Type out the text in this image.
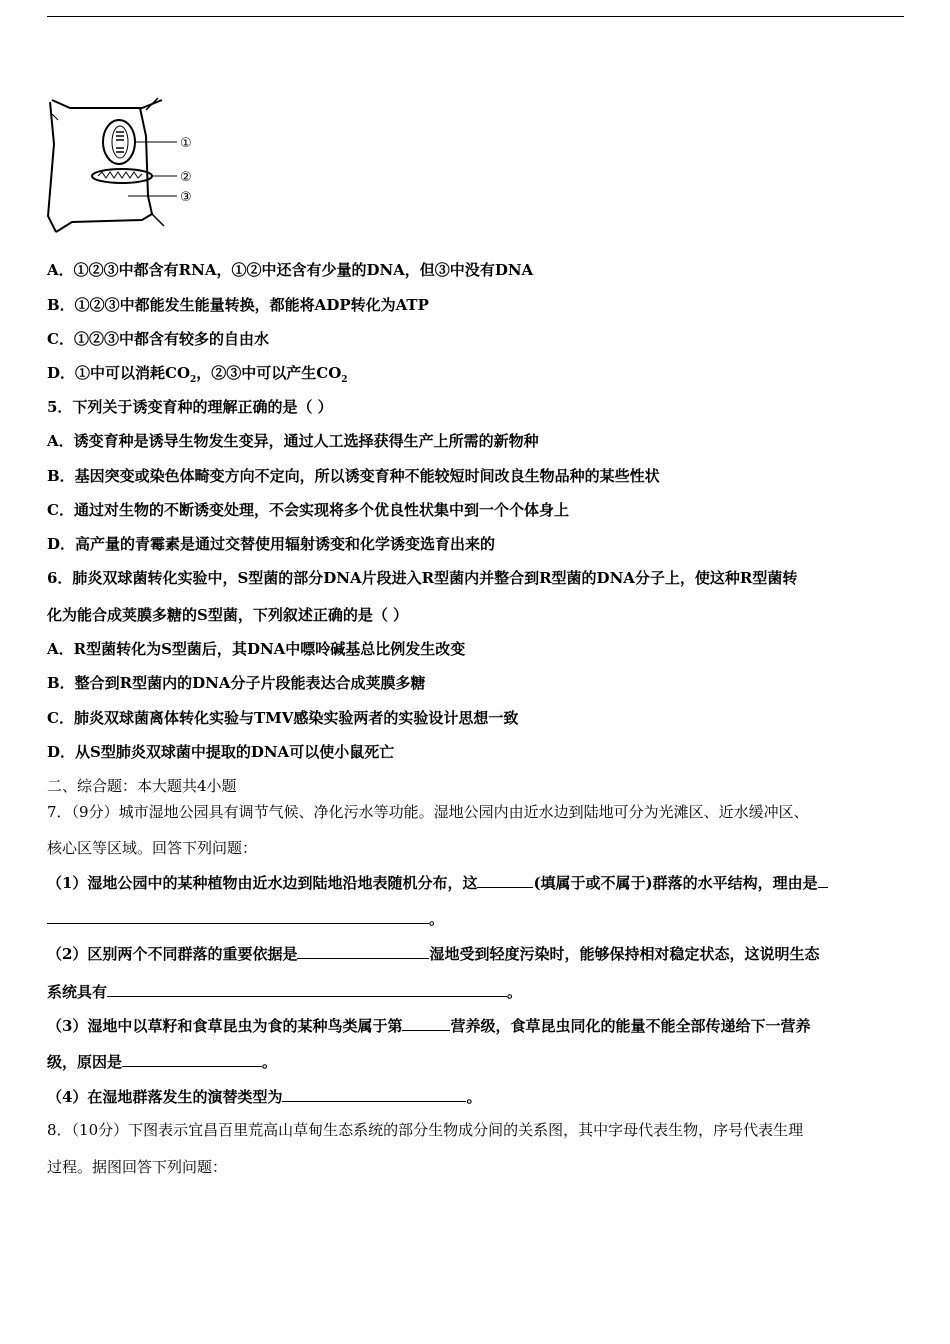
①
②
③
A．①②③中都含有RNA，①②中还含有少量的DNA，但③中没有DNA
B．①②③中都能发生能量转换，都能将ADP转化为ATP
C．①②③中都含有较多的自由水
D．①中可以消耗$CO_2$，②③中可以产生$CO_2$
5．下列关于诱变育种的理解正确的是（ ）
A．诱变育种是诱导生物发生变异，通过人工选择获得生产上所需的新物种
B．基因突变或染色体畸变方向不定向，所以诱变育种不能较短时间改良生物品种的某些性状
C．通过对生物的不断诱变处理，不会实现将多个优良性状集中到一个个体身上
D．高产量的青霉素是通过交替使用辐射诱变和化学诱变选育出来的
6．肺炎双球菌转化实验中，S型菌的部分DNA片段进入R型菌内并整合到R型菌的DNA分子上，使这种R型菌转
化为能合成荚膜多糖的S型菌，下列叙述正确的是（ ）
A．R型菌转化为S型菌后，其DNA中嘌呤碱基总比例发生改变
B．整合到R型菌内的DNA分子片段能表达合成荚膜多糖
C．肺炎双球菌离体转化实验与TMV感染实验两者的实验设计思想一致
D．从S型肺炎双球菌中提取的DNA可以使小鼠死亡
二、综合题：本大题共4小题
7．（9分）城市湿地公园具有调节气候、净化污水等功能。湿地公园内由近水边到陆地可分为光滩区、近水缓冲区、
核心区等区域。回答下列问题：
（1）湿地公园中的某种植物由近水边到陆地沿地表随机分布，这	(填属于或不属于)群落的水平结构，理由是
。
（2）区别两个不同群落的重要依据是	湿地受到轻度污染时，能够保持相对稳定状态，这说明生态
系统具有	。
（3）湿地中以草籽和食草昆虫为食的某种鸟类属于第	营养级，食草昆虫同化的能量不能全部传递给下一营养
级，原因是	。
（4）在湿地群落发生的演替类型为	。
8．（10分）下图表示宜昌百里荒高山草甸生态系统的部分生物成分间的关系图，其中字母代表生物，序号代表生理
过程。据图回答下列问题：
